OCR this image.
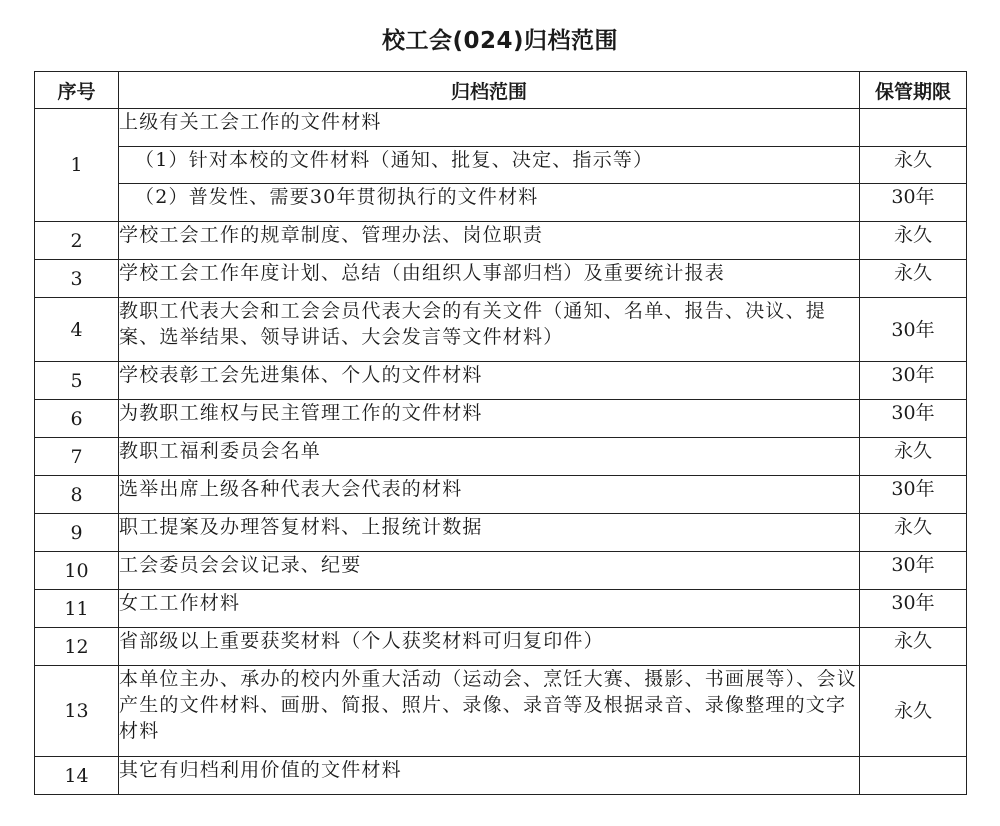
校工会(024)归档范围
序号	归档范围	保管期限
1	上级有关工会工作的文件材料	
	（1）针对本校的文件材料（通知、批复、决定、指示等）	永久
	（2）普发性、需要30年贯彻执行的文件材料	30年
2	学校工会工作的规章制度、管理办法、岗位职责	永久
3	学校工会工作年度计划、总结（由组织人事部归档）及重要统计报表	永久
4	教职工代表大会和工会会员代表大会的有关文件（通知、名单、报告、决议、提案、选举结果、领导讲话、大会发言等文件材料）	30年
5	学校表彰工会先进集体、个人的文件材料	30年
6	为教职工维权与民主管理工作的文件材料	30年
7	教职工福利委员会名单	永久
8	选举出席上级各种代表大会代表的材料	30年
9	职工提案及办理答复材料、上报统计数据	永久
10	工会委员会会议记录、纪要	30年
11	女工工作材料	30年
12	省部级以上重要获奖材料（个人获奖材料可归复印件）	永久
13	本单位主办、承办的校内外重大活动（运动会、烹饪大赛、摄影、书画展等）、会议产生的文件材料、画册、简报、照片、录像、录音等及根据录音、录像整理的文字材料	永久
14	其它有归档利用价值的文件材料	
